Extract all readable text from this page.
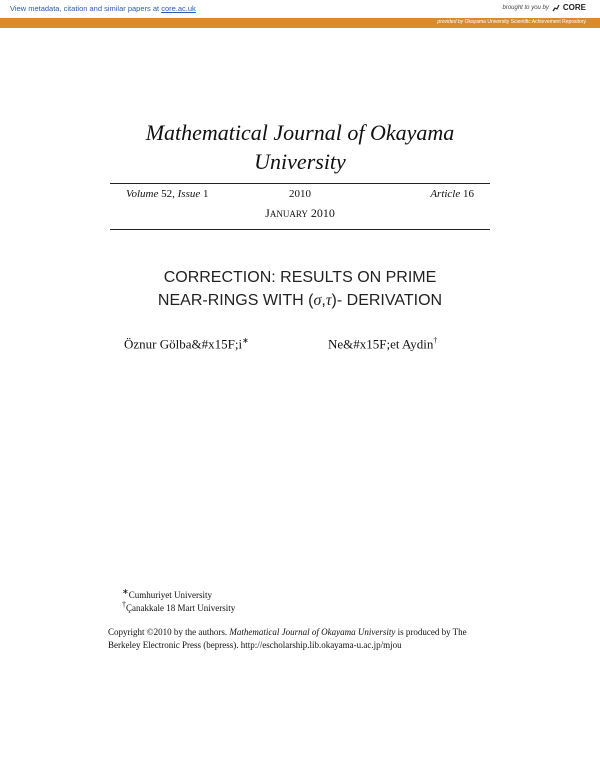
View metadata, citation and similar papers at core.ac.uk	brought to you by CORE
provided by Okayama University Scientific Achievement Repository
Mathematical Journal of Okayama
University
Volume 52, Issue 1	2010	Article 16
JANUARY 2010
CORRECTION: RESULTS ON PRIME
NEAR-RINGS WITH (σ,τ)- DERIVATION
Öznur Gölba&#x15F;i∗	Ne&#x15F;et Aydin†
∗Cumhuriyet University
†Çanakkale 18 Mart University
Copyright ©2010 by the authors. Mathematical Journal of Okayama University is produced by The Berkeley Electronic Press (bepress). http://escholarship.lib.okayama-u.ac.jp/mjou
